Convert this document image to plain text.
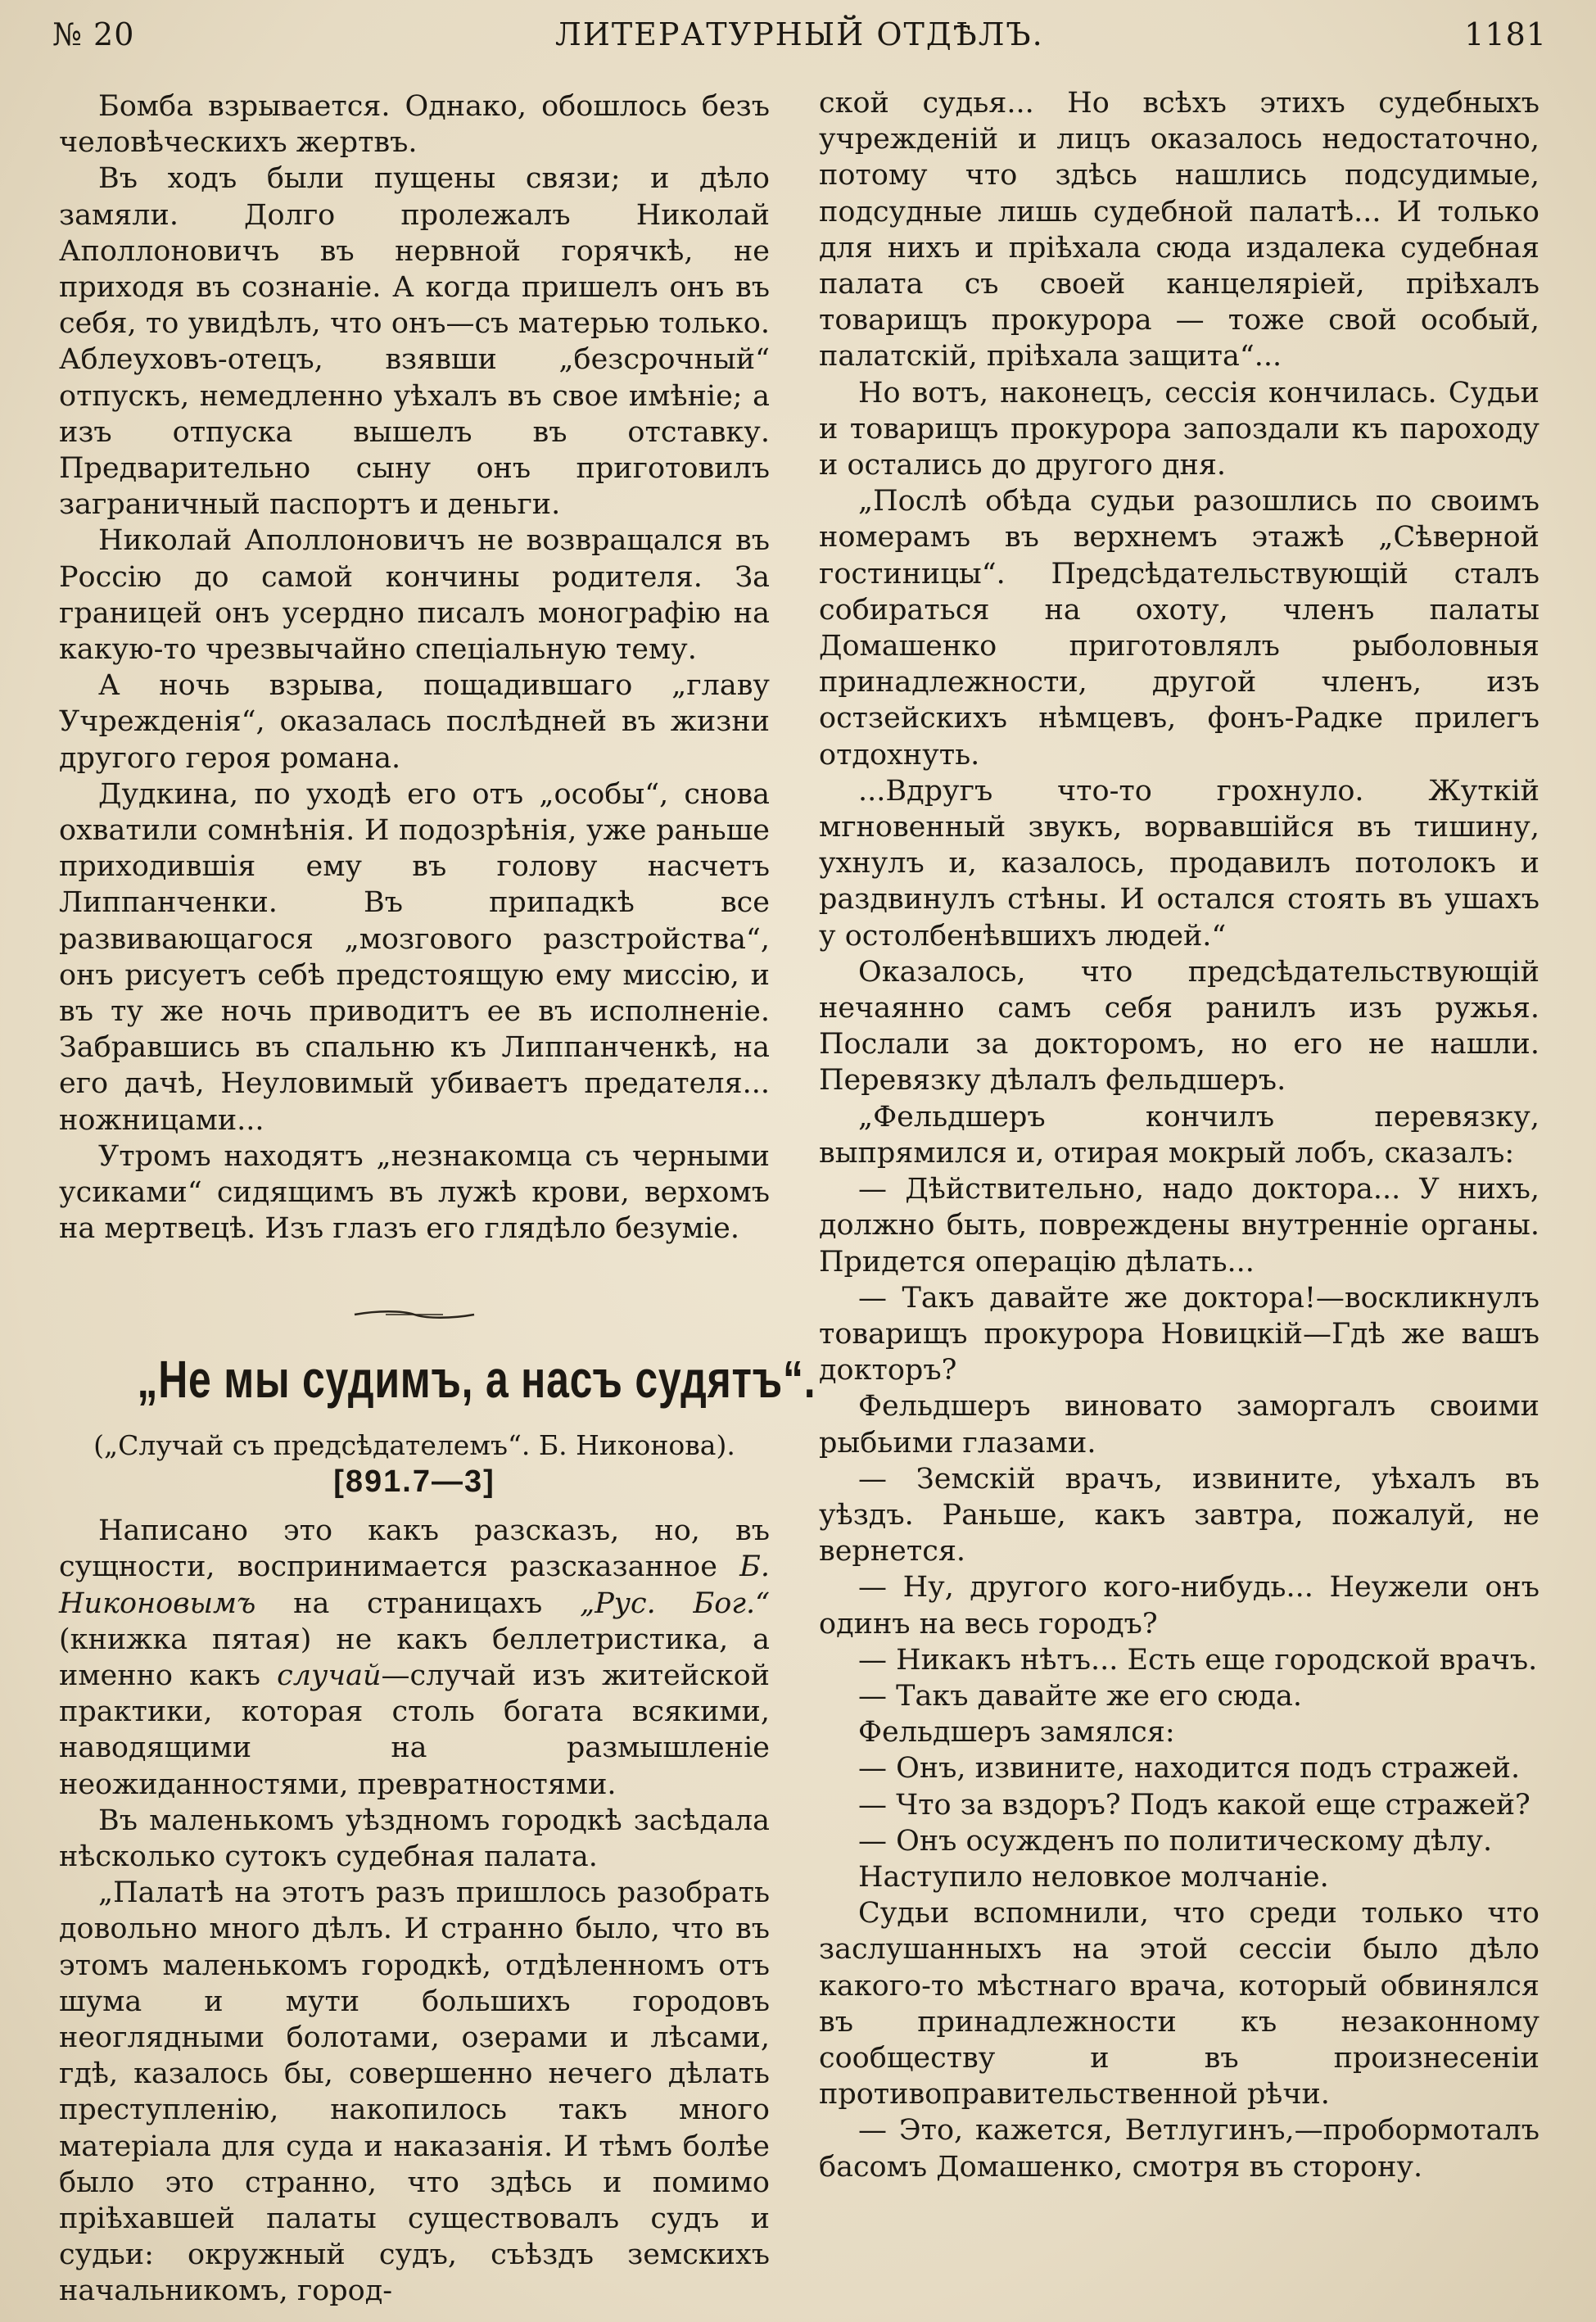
№ 20	ЛИТЕРАТУРНЫЙ ОТДѢЛЪ.	1181

Бомба взрывается. Однако, обошлось безъ человѣческихъ жертвъ.

Въ ходъ были пущены связи; и дѣло замяли. Долго пролежалъ Николай Аполлоновичъ въ нервной горячкѣ, не приходя въ сознаніе. А когда пришелъ онъ въ себя, то увидѣлъ, что онъ—съ матерью только. Аблеуховъ-отецъ, взявши „безсрочный“ отпускъ, немедленно уѣхалъ въ свое имѣніе; а изъ отпуска вышелъ въ отставку. Предварительно сыну онъ приготовилъ заграничный паспортъ и деньги.

Николай Аполлоновичъ не возвращался въ Россію до самой кончины родителя. За границей онъ усердно писалъ монографію на какую-то чрезвычайно спеціальную тему.

А ночь взрыва, пощадившаго „главу Учрежденія“, оказалась послѣдней въ жизни другого героя романа.

Дудкина, по уходѣ его отъ „особы“, снова охватили сомнѣнія. И подозрѣнія, уже раньше приходившія ему въ голову насчетъ Липпанченки. Въ припадкѣ все развивающагося „мозгового разстройства“, онъ рисуетъ себѣ предстоящую ему миссію, и въ ту же ночь приводитъ ее въ исполненіе. Забравшись въ спальню къ Липпанченкѣ, на его дачѣ, Неуловимый убиваетъ предателя... ножницами...

Утромъ находятъ „незнакомца съ черными усиками“ сидящимъ въ лужѣ крови, верхомъ на мертвецѣ. Изъ глазъ его глядѣло безуміе.

„Не мы судимъ, а насъ судятъ“.

(„Случай съ предсѣдателемъ“. Б. Никонова).

[891.7—3]

Написано это какъ разсказъ, но, въ сущности, воспринимается разсказанное Б. Никоновымъ на страницахъ „Рус. Бог.“ (книжка пятая) не какъ беллетристика, а именно какъ случай—случай изъ житейской практики, которая столь богата всякими, наводящими на размышленіе неожиданностями, превратностями.

Въ маленькомъ уѣздномъ городкѣ засѣдала нѣсколько сутокъ судебная палата.

„Палатѣ на этотъ разъ пришлось разобрать довольно много дѣлъ. И странно было, что въ этомъ маленькомъ городкѣ, отдѣленномъ отъ шума и мути большихъ городовъ неоглядными болотами, озерами и лѣсами, гдѣ, казалось бы, совершенно нечего дѣлать преступленію, накопилось такъ много матеріала для суда и наказанія. И тѣмъ болѣе было это странно, что здѣсь и помимо пріѣхавшей палаты существовалъ судъ и судьи: окружный судъ, съѣздъ земскихъ начальникомъ, город-

ской судья... Но всѣхъ этихъ судебныхъ учрежденій и лицъ оказалось недостаточно, потому что здѣсь нашлись подсудимые, подсудные лишь судебной палатѣ... И только для нихъ и пріѣхала сюда издалека судебная палата съ своей канцеляріей, пріѣхалъ товарищъ прокурора — тоже свой особый, палатскій, пріѣхала защита“...

Но вотъ, наконецъ, сессія кончилась. Судьи и товарищъ прокурора запоздали къ пароходу и остались до другого дня.

„Послѣ обѣда судьи разошлись по своимъ номерамъ въ верхнемъ этажѣ „Сѣверной гостиницы“. Предсѣдательствующій сталъ собираться на охоту, членъ палаты Домашенко приготовлялъ рыболовныя принадлежности, другой членъ, изъ остзейскихъ нѣмцевъ, фонъ-Радке прилегъ отдохнуть.

...Вдругъ что-то грохнуло. Жуткій мгновенный звукъ, ворвавшійся въ тишину, ухнулъ и, казалось, продавилъ потолокъ и раздвинулъ стѣны. И остался стоять въ ушахъ у остолбенѣвшихъ людей.“

Оказалось, что предсѣдательствующій нечаянно самъ себя ранилъ изъ ружья. Послали за докторомъ, но его не нашли. Перевязку дѣлалъ фельдшеръ.

„Фельдшеръ кончилъ перевязку, выпрямился и, отирая мокрый лобъ, сказалъ:

— Дѣйствительно, надо доктора... У нихъ, должно быть, повреждены внутренніе органы. Придется операцію дѣлать...

— Такъ давайте же доктора!—воскликнулъ товарищъ прокурора Новицкій—Гдѣ же вашъ докторъ?

Фельдшеръ виновато заморгалъ своими рыбьими глазами.

— Земскій врачъ, извините, уѣхалъ въ уѣздъ. Раньше, какъ завтра, пожалуй, не вернется.

— Ну, другого кого-нибудь... Неужели онъ одинъ на весь городъ?

— Никакъ нѣтъ... Есть еще городской врачъ.

— Такъ давайте же его сюда.

Фельдшеръ замялся:

— Онъ, извините, находится подъ стражей.

— Что за вздоръ? Подъ какой еще стражей?

— Онъ осужденъ по политическому дѣлу.

Наступило неловкое молчаніе.

Судьи вспомнили, что среди только что заслушанныхъ на этой сессіи было дѣло какого-то мѣстнаго врача, который обвинялся въ принадлежности къ незаконному сообществу и въ произнесеніи противоправительственной рѣчи.

— Это, кажется, Ветлугинъ,—пробормоталъ басомъ Домашенко, смотря въ сторону.
